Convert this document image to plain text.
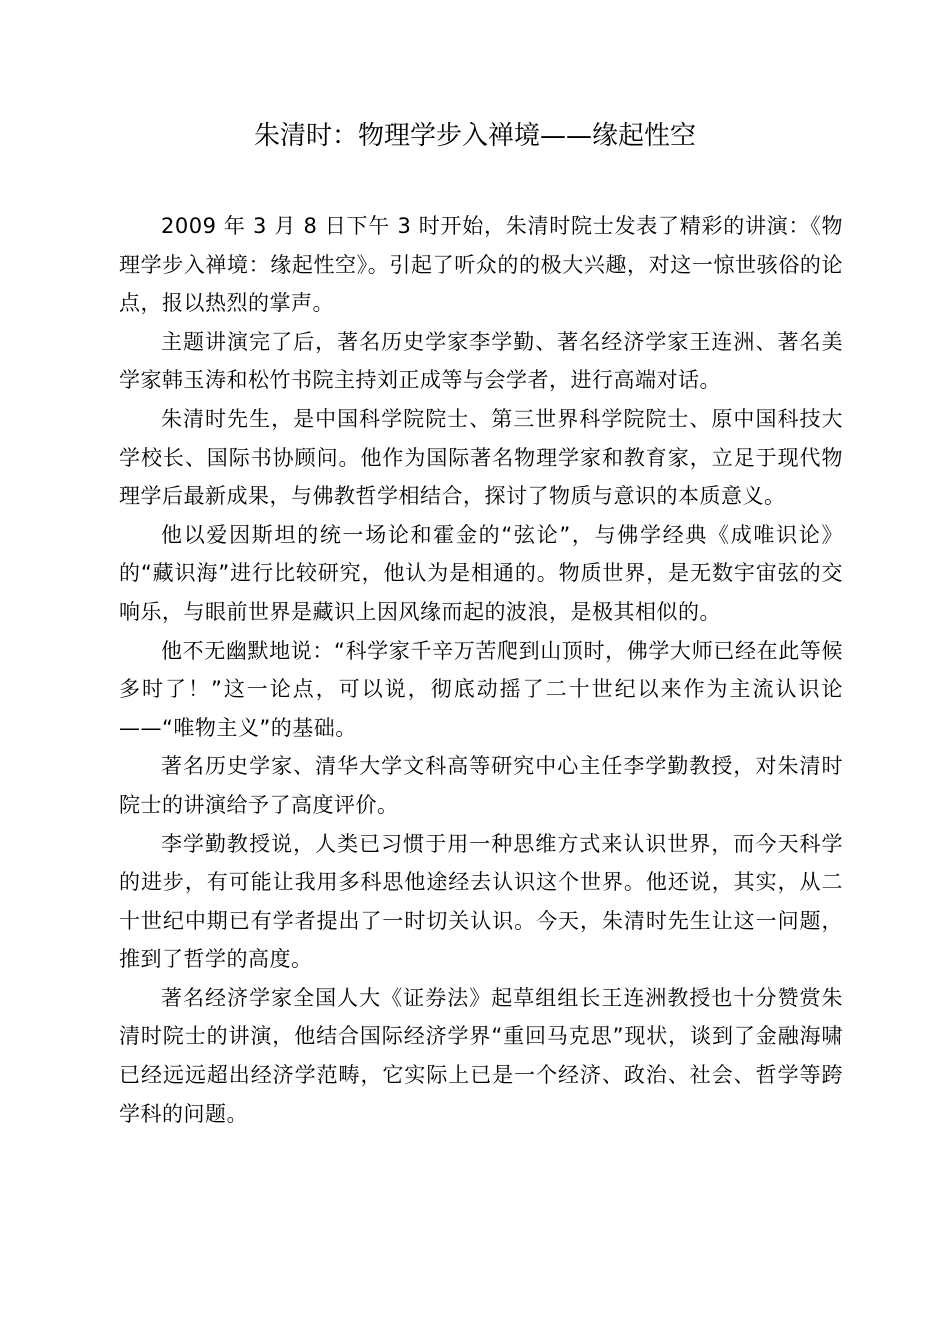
朱清时：物理学步入禅境——缘起性空

2009 年 3 月 8 日下午 3 时开始，朱清时院士发表了精彩的讲演：《物理学步入禅境：缘起性空》。引起了听众的的极大兴趣，对这一惊世骇俗的论点，报以热烈的掌声。

主题讲演完了后，著名历史学家李学勤、著名经济学家王连洲、著名美学家韩玉涛和松竹书院主持刘正成等与会学者，进行高端对话。

朱清时先生，是中国科学院院士、第三世界科学院院士、原中国科技大学校长、国际书协顾问。他作为国际著名物理学家和教育家，立足于现代物理学后最新成果，与佛教哲学相结合，探讨了物质与意识的本质意义。

他以爱因斯坦的统一场论和霍金的“弦论”，与佛学经典《成唯识论》的“藏识海”进行比较研究，他认为是相通的。物质世界，是无数宇宙弦的交响乐，与眼前世界是藏识上因风缘而起的波浪，是极其相似的。

他不无幽默地说：“科学家千辛万苦爬到山顶时，佛学大师已经在此等候多时了！”这一论点，可以说，彻底动摇了二十世纪以来作为主流认识论——“唯物主义”的基础。

著名历史学家、清华大学文科高等研究中心主任李学勤教授，对朱清时院士的讲演给予了高度评价。

李学勤教授说，人类已习惯于用一种思维方式来认识世界，而今天科学的进步，有可能让我用多科思他途经去认识这个世界。他还说，其实，从二十世纪中期已有学者提出了一时切关认识。今天，朱清时先生让这一问题，推到了哲学的高度。

著名经济学家全国人大《证券法》起草组组长王连洲教授也十分赞赏朱清时院士的讲演，他结合国际经济学界“重回马克思”现状，谈到了金融海啸已经远远超出经济学范畴，它实际上已是一个经济、政治、社会、哲学等跨学科的问题。
